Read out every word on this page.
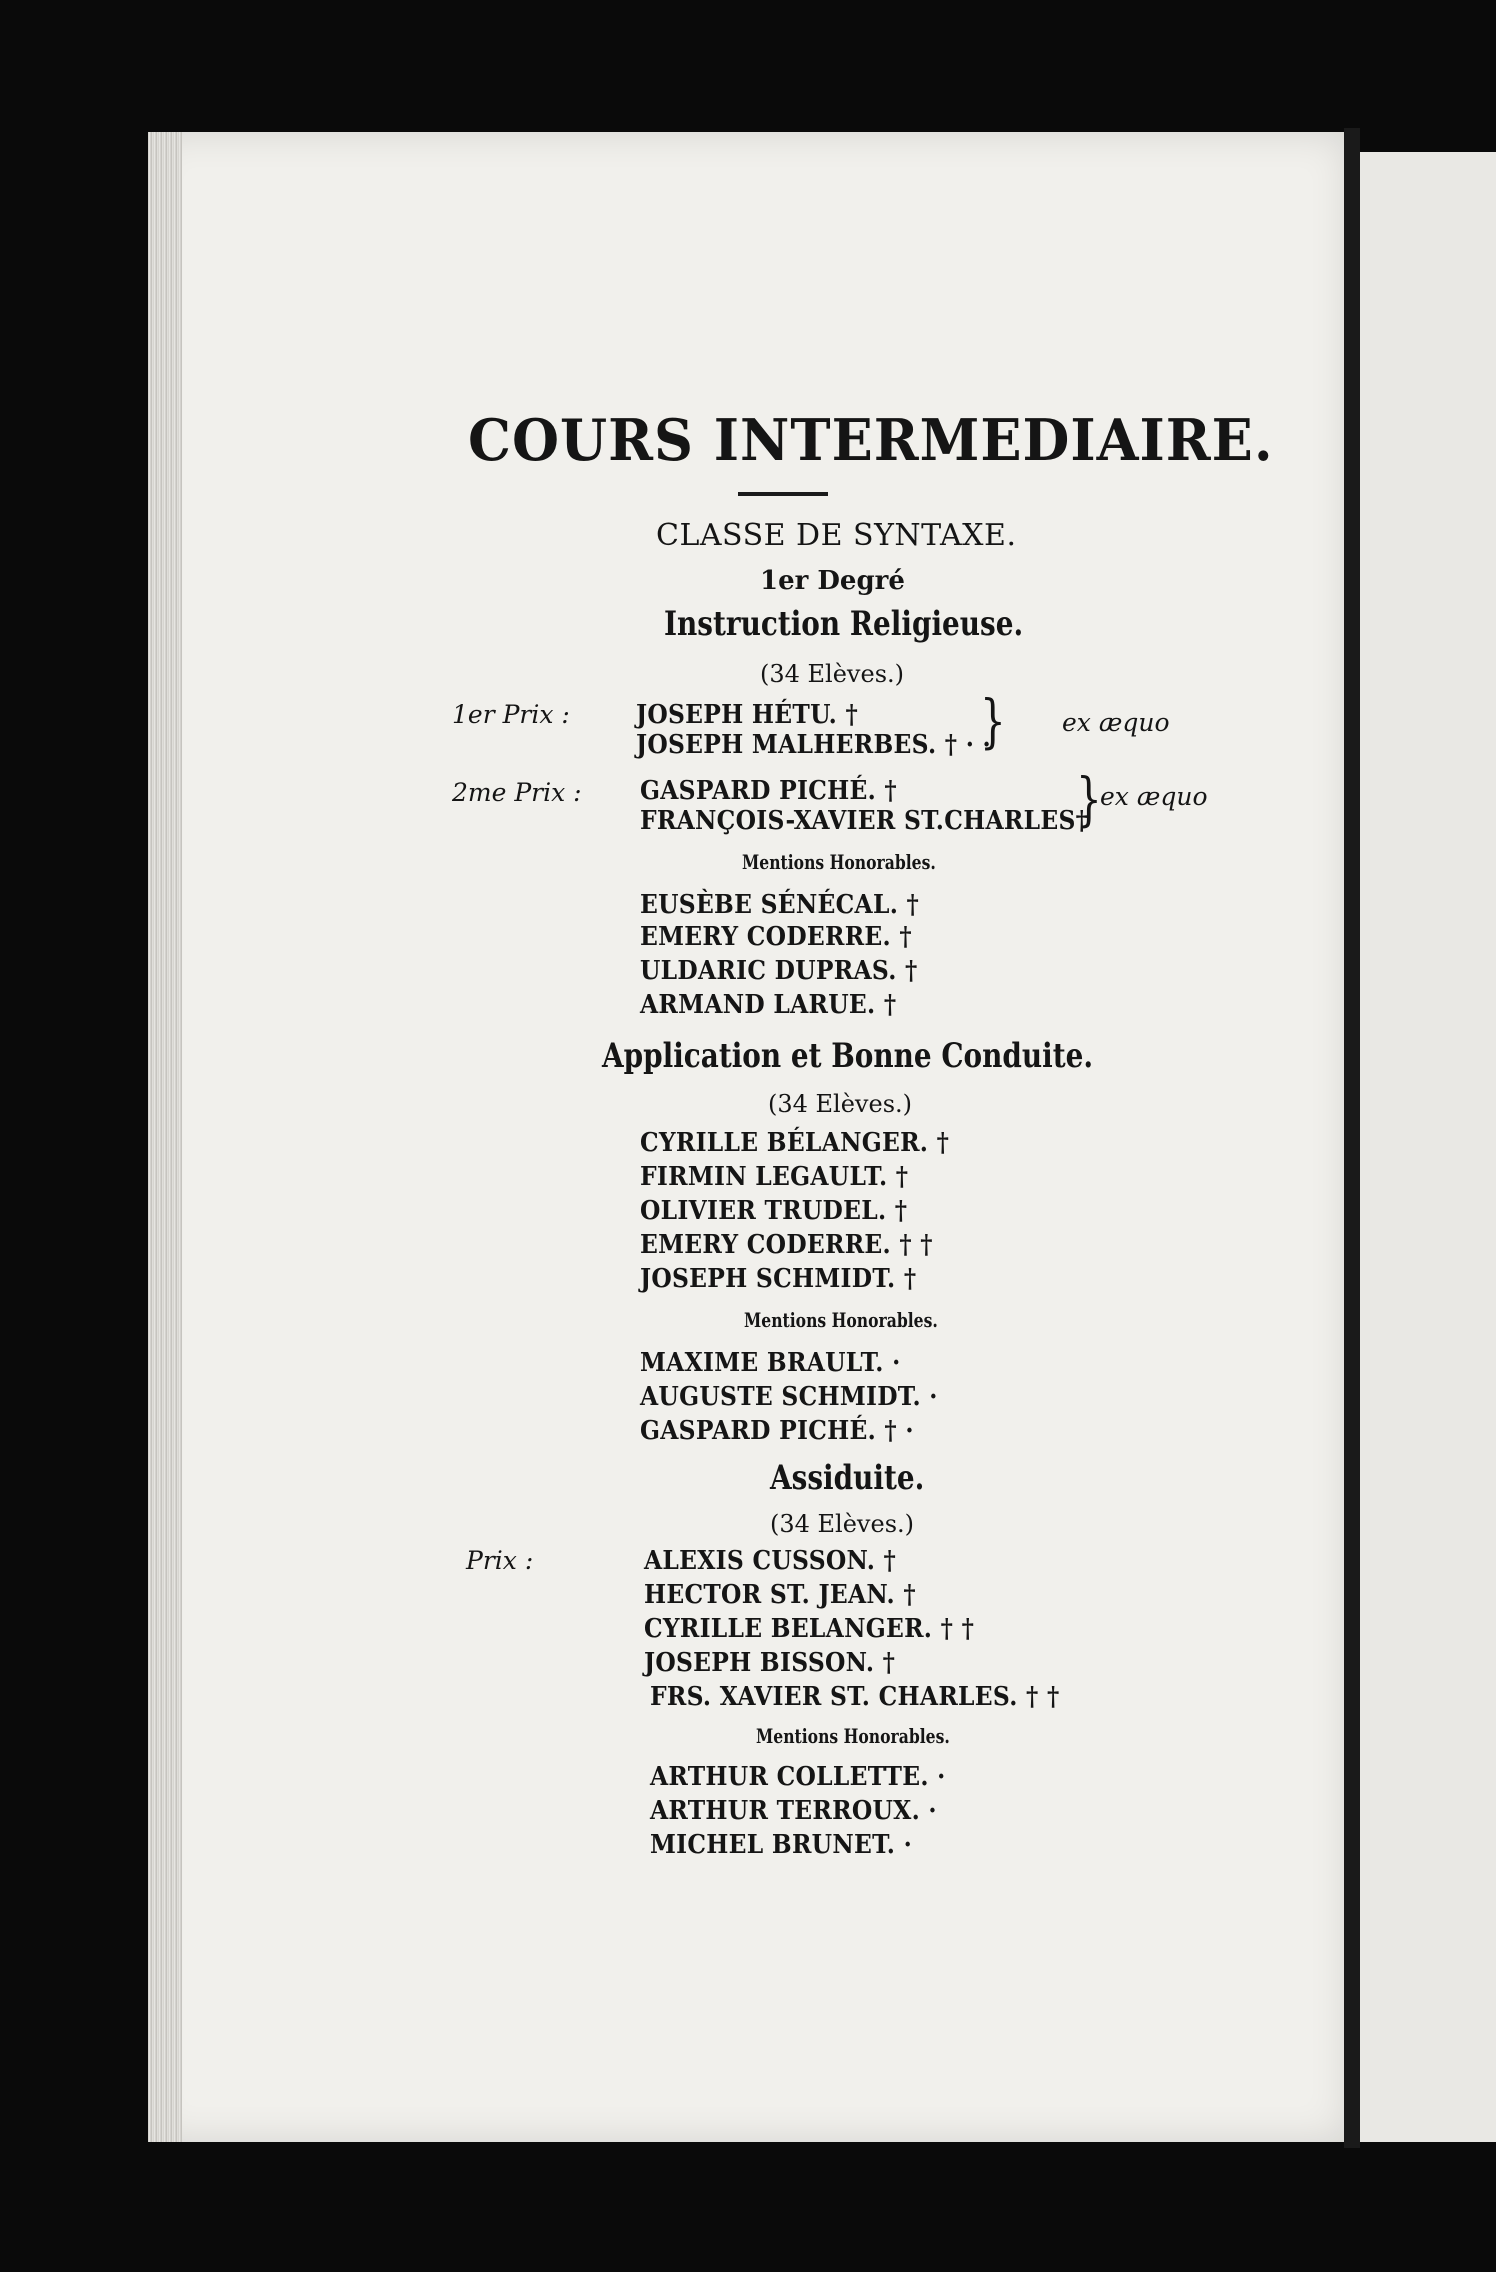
COURS INTERMEDIAIRE.

CLASSE DE SYNTAXE.

1er Degré

Instruction Religieuse.

(34 Elèves.)

1er Prix :	JOSEPH HÉTU. †

JOSEPH MALHERBES. † · ·

} ex æquo

2me Prix : GASPARD PICHÉ. †

FRANÇOIS-XAVIER ST.CHARLES†

}

ex æquo

Mentions Honorables.

EUSÈBE SÉNÉCAL. †

EMERY CODERRE. †

ULDARIC DUPRAS. †

ARMAND LARUE. †

Application et Bonne Conduite.

(34 Elèves.)

CYRILLE BÉLANGER. †

FIRMIN LEGAULT. †

OLIVIER TRUDEL. †

EMERY CODERRE. † †

JOSEPH SCHMIDT. †

Mentions Honorables.

MAXIME BRAULT. ·

AUGUSTE SCHMIDT. ·

GASPARD PICHÉ. † ·

Assiduite.

(34 Elèves.)

Prix :	ALEXIS CUSSON. †

HECTOR ST. JEAN. †

CYRILLE BELANGER. † †

JOSEPH BISSON. †

FRS. XAVIER ST. CHARLES. † †

Mentions Honorables.

ARTHUR COLLETTE. ·

ARTHUR TERROUX. ·

MICHEL BRUNET. ·
